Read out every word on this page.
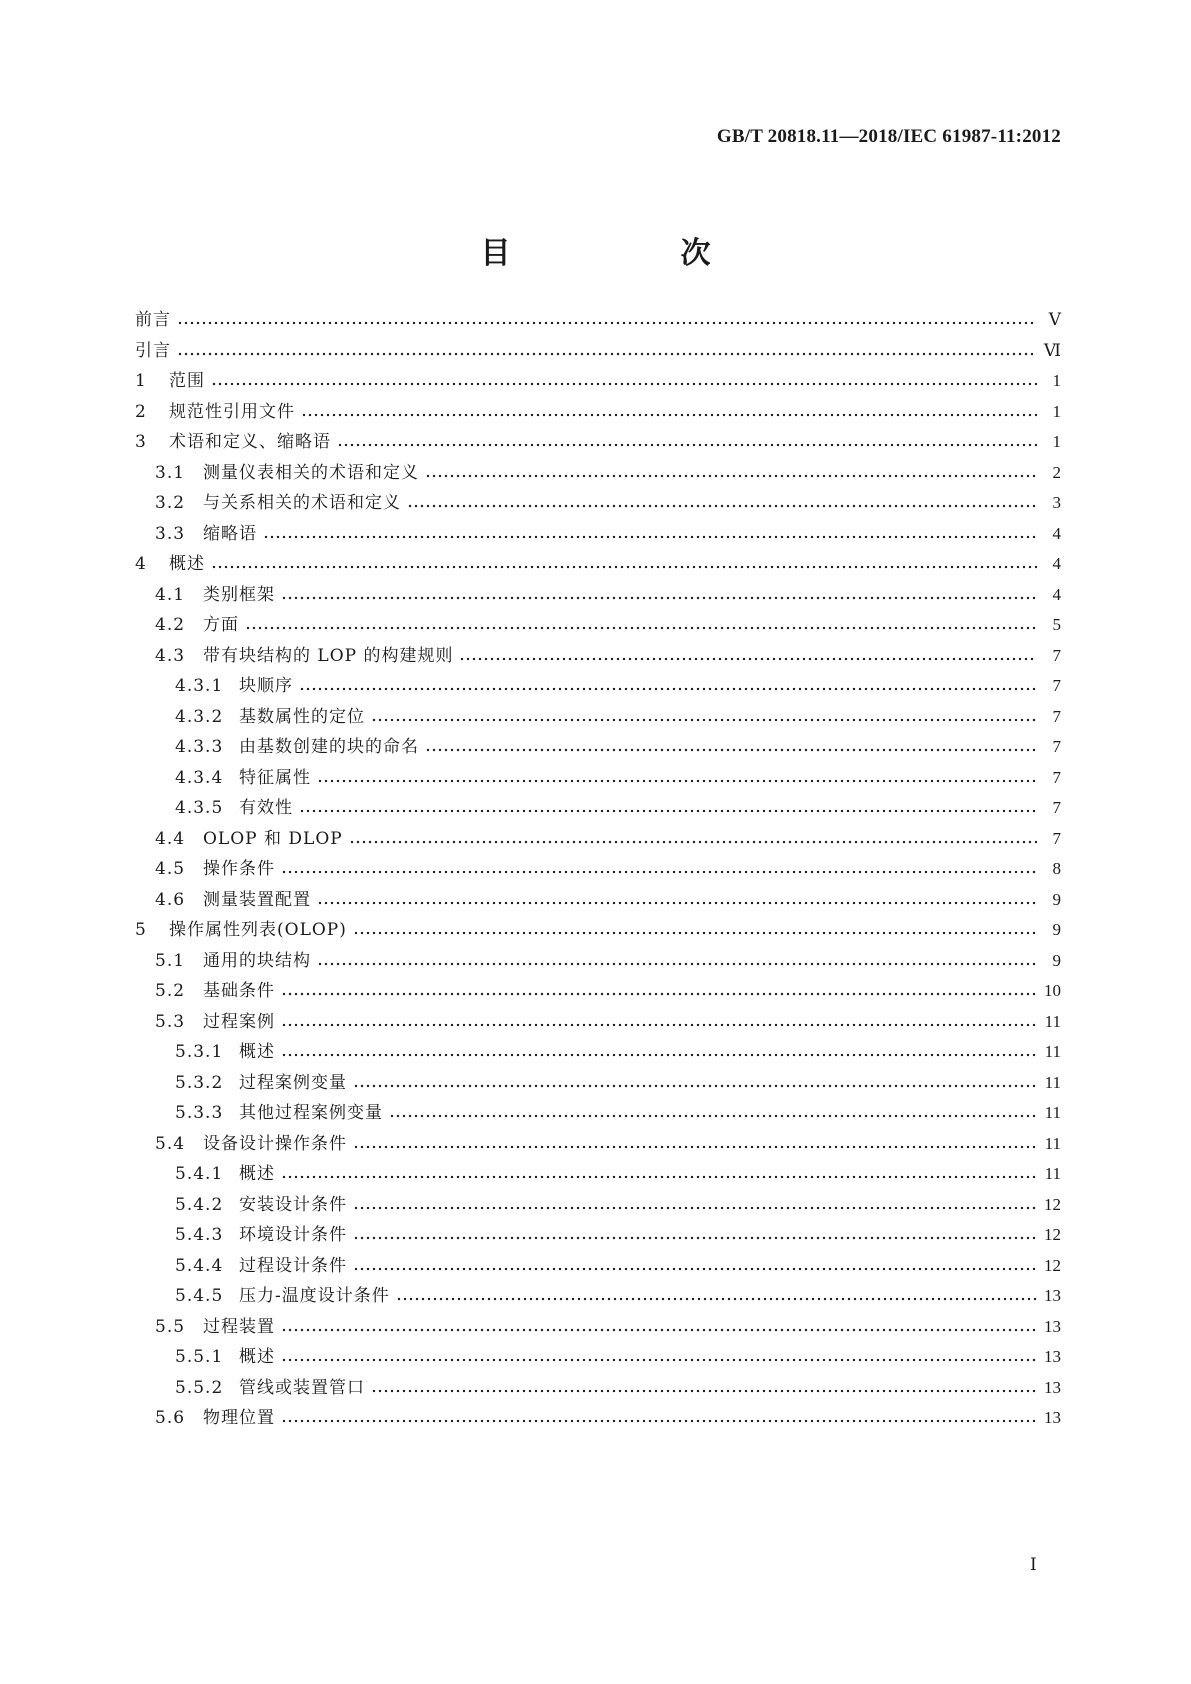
GB/T 20818.11—2018/IEC 61987-11:2012
目　次
前言	Ⅴ
引言	Ⅵ
1	范围	1
2	规范性引用文件	1
3	术语和定义、缩略语	1
3.1	测量仪表相关的术语和定义	2
3.2	与关系相关的术语和定义	3
3.3	缩略语	4
4	概述	4
4.1	类别框架	4
4.2	方面	5
4.3	带有块结构的 LOP 的构建规则	7
4.3.1 块顺序	7
4.3.2 基数属性的定位	7
4.3.3 由基数创建的块的命名	7
4.3.4 特征属性	7
4.3.5 有效性	7
4.4	OLOP 和 DLOP	7
4.5	操作条件	8
4.6	测量装置配置	9
5	操作属性列表(OLOP)	9
5.1	通用的块结构	9
5.2	基础条件	10
5.3	过程案例	11
5.3.1 概述	11
5.3.2 过程案例变量	11
5.3.3 其他过程案例变量	11
5.4	设备设计操作条件	11
5.4.1 概述	11
5.4.2 安装设计条件	12
5.4.3 环境设计条件	12
5.4.4 过程设计条件	12
5.4.5 压力-温度设计条件	13
5.5	过程装置	13
5.5.1 概述	13
5.5.2 管线或装置管口	13
5.6	物理位置	13
Ⅰ
